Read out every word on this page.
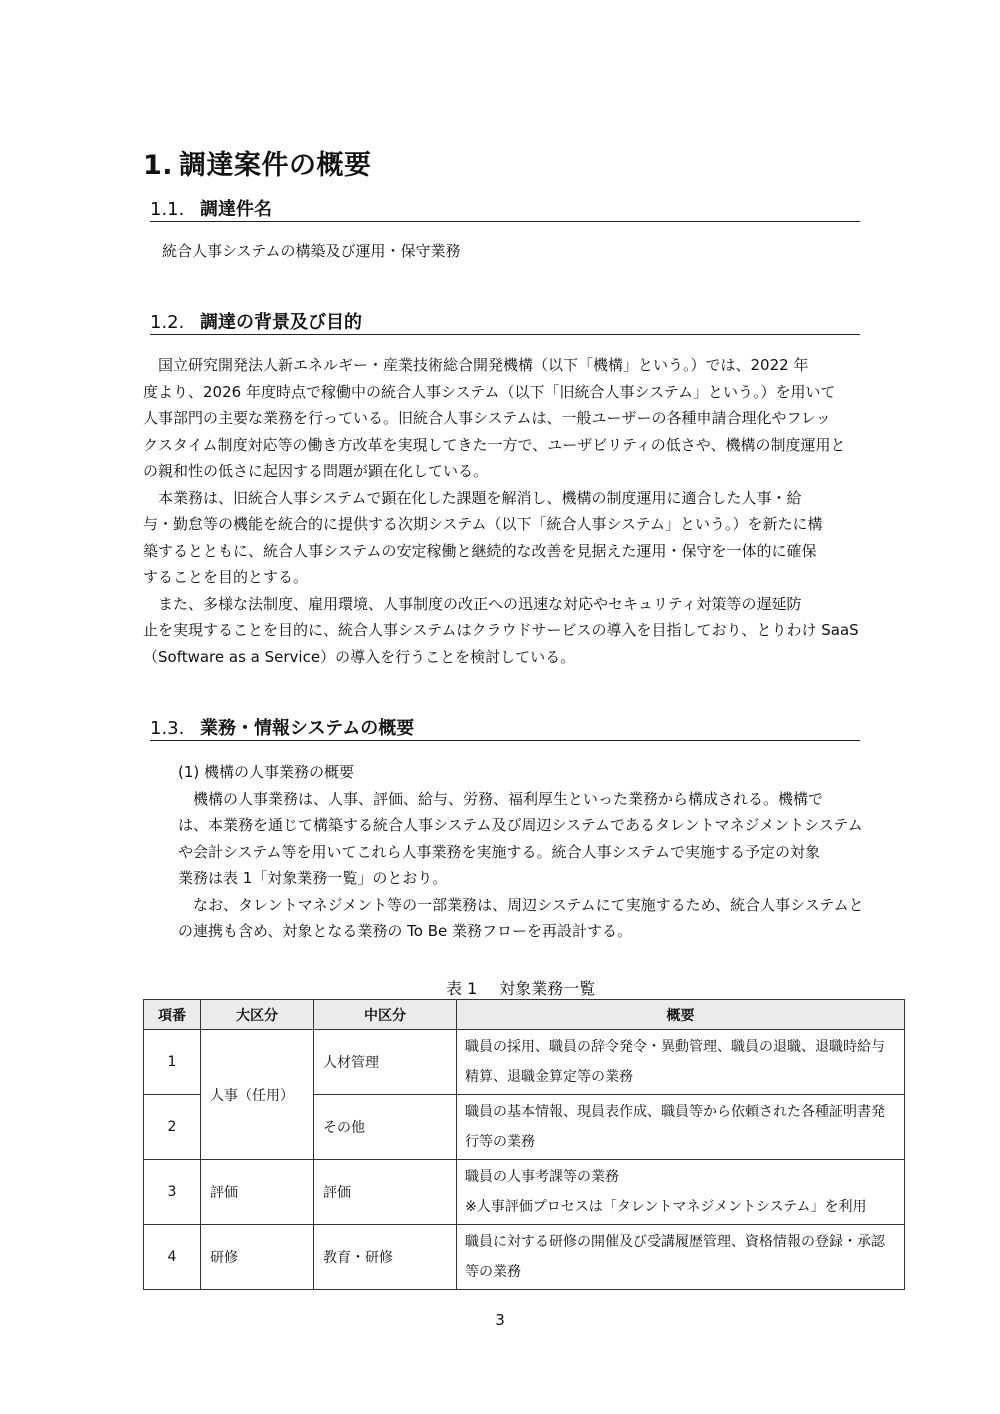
1. 調達案件の概要
1.1. 調達件名
統合人事システムの構築及び運用・保守業務
1.2. 調達の背景及び目的
　国立研究開発法人新エネルギー・産業技術総合開発機構（以下「機構」という。）では、2022 年
度より、2026 年度時点で稼働中の統合人事システム（以下「旧統合人事システム」という。）を用いて
人事部門の主要な業務を行っている。旧統合人事システムは、一般ユーザーの各種申請合理化やフレッ
クスタイム制度対応等の働き方改革を実現してきた一方で、ユーザビリティの低さや、機構の制度運用と
の親和性の低さに起因する問題が顕在化している。
　本業務は、旧統合人事システムで顕在化した課題を解消し、機構の制度運用に適合した人事・給
与・勤怠等の機能を統合的に提供する次期システム（以下「統合人事システム」という。）を新たに構
築するとともに、統合人事システムの安定稼働と継続的な改善を見据えた運用・保守を一体的に確保
することを目的とする。
　また、多様な法制度、雇用環境、人事制度の改正への迅速な対応やセキュリティ対策等の遅延防
止を実現することを目的に、統合人事システムはクラウドサービスの導入を目指しており、とりわけ SaaS
（Software as a Service）の導入を行うことを検討している。
1.3. 業務・情報システムの概要
(1) 機構の人事業務の概要
　機構の人事業務は、人事、評価、給与、労務、福利厚生といった業務から構成される。機構で
は、本業務を通じて構築する統合人事システム及び周辺システムであるタレントマネジメントシステム
や会計システム等を用いてこれら人事業務を実施する。統合人事システムで実施する予定の対象
業務は表 1「対象業務一覧」のとおり。
　なお、タレントマネジメント等の一部業務は、周辺システムにて実施するため、統合人事システムと
の連携も含め、対象となる業務の To Be 業務フローを再設計する。
表 1 対象業務一覧
項番	大区分	中区分	概要
1	人事（任用）	人材管理	職員の採用、職員の辞令発令・異動管理、職員の退職、退職時給与
精算、退職金算定等の業務

2		その他	職員の基本情報、現員表作成、職員等から依頼された各種証明書発
行等の業務

3	評価	評価	職員の人事考課等の業務
※人事評価プロセスは「タレントマネジメントシステム」を利用

4	研修	教育・研修	職員に対する研修の開催及び受講履歴管理、資格情報の登録・承認
等の業務
3
